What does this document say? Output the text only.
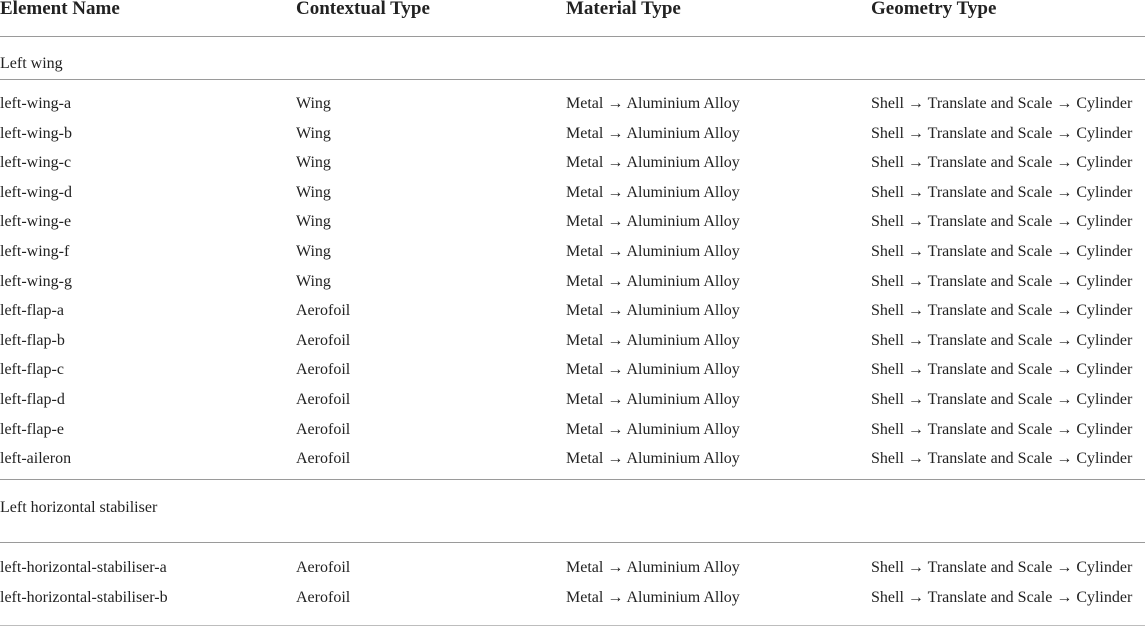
Element Name	Contextual Type	Material Type	Geometry Type
Left wing
left-wing-a	Wing	Metal → Aluminium Alloy	Shell → Translate and Scale → Cylinder
left-wing-b	Wing	Metal → Aluminium Alloy	Shell → Translate and Scale → Cylinder
left-wing-c	Wing	Metal → Aluminium Alloy	Shell → Translate and Scale → Cylinder
left-wing-d	Wing	Metal → Aluminium Alloy	Shell → Translate and Scale → Cylinder
left-wing-e	Wing	Metal → Aluminium Alloy	Shell → Translate and Scale → Cylinder
left-wing-f	Wing	Metal → Aluminium Alloy	Shell → Translate and Scale → Cylinder
left-wing-g	Wing	Metal → Aluminium Alloy	Shell → Translate and Scale → Cylinder
left-flap-a	Aerofoil	Metal → Aluminium Alloy	Shell → Translate and Scale → Cylinder
left-flap-b	Aerofoil	Metal → Aluminium Alloy	Shell → Translate and Scale → Cylinder
left-flap-c	Aerofoil	Metal → Aluminium Alloy	Shell → Translate and Scale → Cylinder
left-flap-d	Aerofoil	Metal → Aluminium Alloy	Shell → Translate and Scale → Cylinder
left-flap-e	Aerofoil	Metal → Aluminium Alloy	Shell → Translate and Scale → Cylinder
left-aileron	Aerofoil	Metal → Aluminium Alloy	Shell → Translate and Scale → Cylinder
Left horizontal stabiliser
left-horizontal-stabiliser-a	Aerofoil	Metal → Aluminium Alloy	Shell → Translate and Scale → Cylinder
left-horizontal-stabiliser-b	Aerofoil	Metal → Aluminium Alloy	Shell → Translate and Scale → Cylinder
